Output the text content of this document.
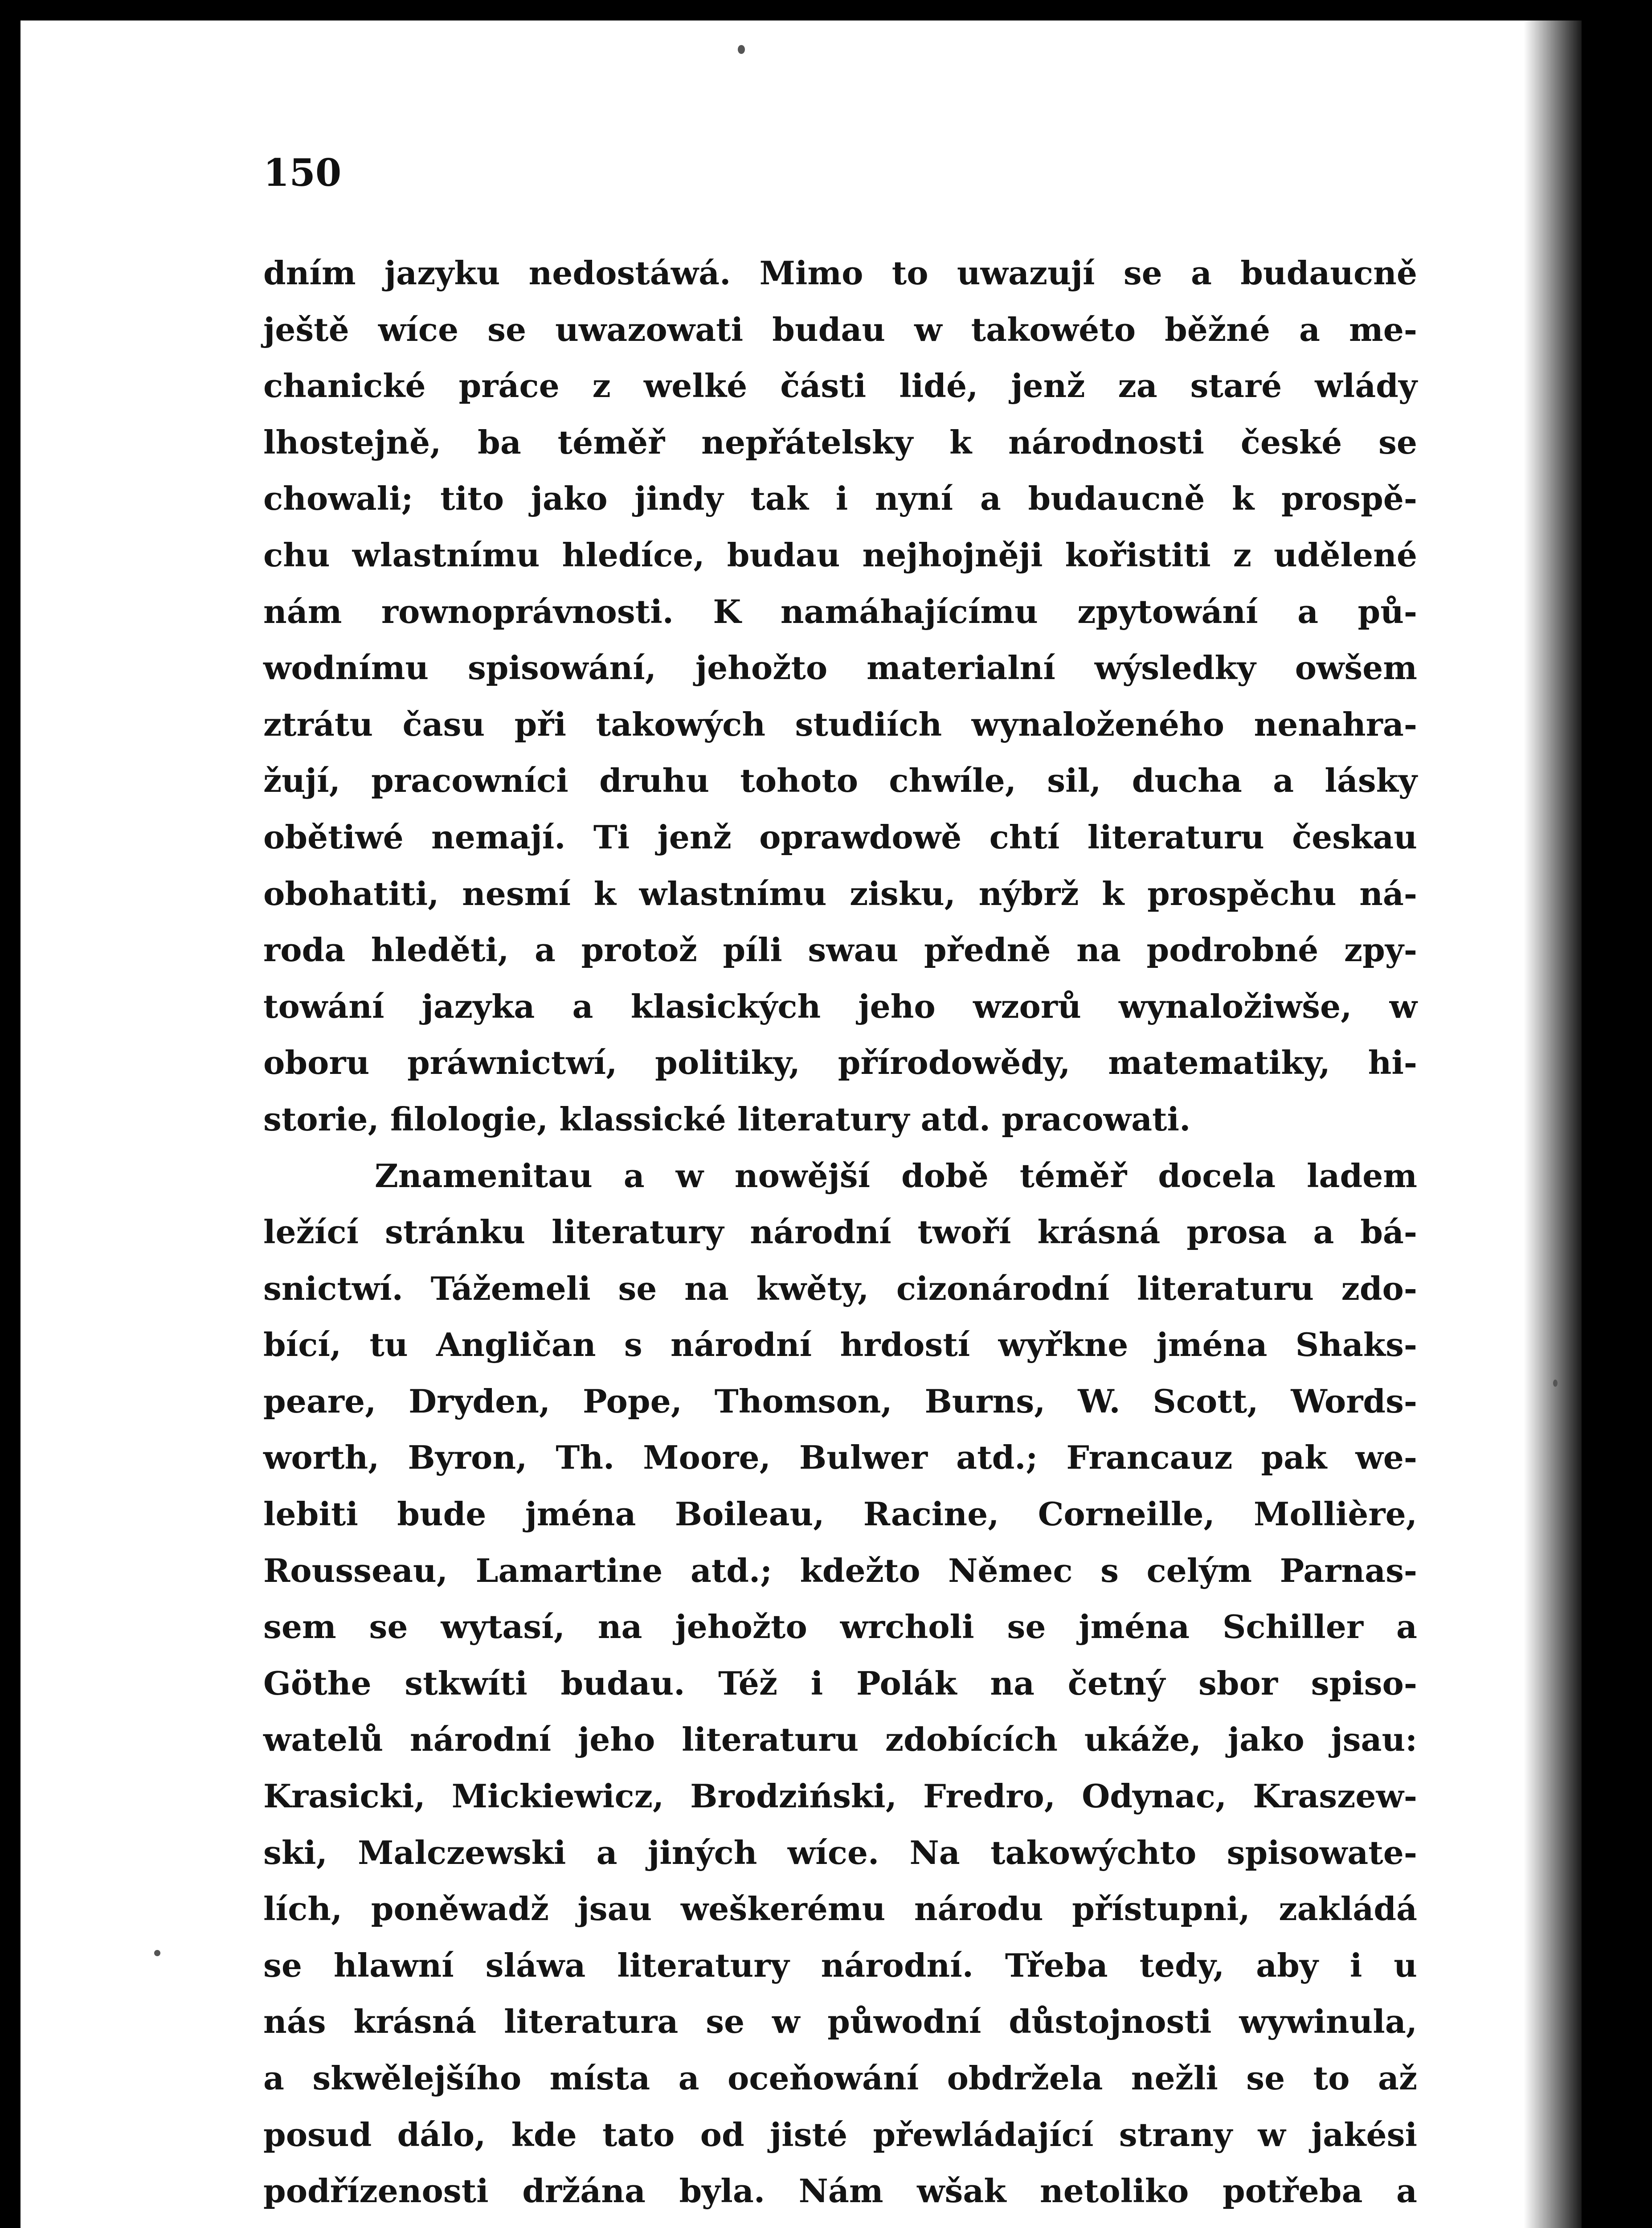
150
dním jazyku nedostáwá. Mimo to uwazují se a budaucně
ještě wíce se uwazowati budau w takowéto běžné a me-
chanické práce z welké části lidé, jenž za staré wlády
lhostejně, ba téměř nepřátelsky k národnosti české se
chowali; tito jako jindy tak i nyní a budaucně k prospě-
chu wlastnímu hledíce, budau nejhojněji kořistiti z udělené
nám rownoprávnosti. K namáhajícímu zpytowání a pů-
wodnímu spisowání, jehožto materialní wýsledky owšem
ztrátu času při takowých studiích wynaloženého nenahra-
žují, pracowníci druhu tohoto chwíle, sil, ducha a lásky
obětiwé nemají. Ti jenž oprawdowě chtí literaturu českau
obohatiti, nesmí k wlastnímu zisku, nýbrž k prospěchu ná-
roda hleděti, a protož píli swau předně na podrobné zpy-
towání jazyka a klasických jeho wzorů wynaložiwše, w
oboru práwnictwí, politiky, přírodowědy, matematiky, hi-
storie, filologie, klassické literatury atd. pracowati.
Znamenitau a w nowější době téměř docela ladem
ležící stránku literatury národní twoří krásná prosa a bá-
snictwí. Tážemeli se na kwěty, cizonárodní literaturu zdo-
bící, tu Angličan s národní hrdostí wyřkne jména Shaks-
peare, Dryden, Pope, Thomson, Burns, W. Scott, Words-
worth, Byron, Th. Moore, Bulwer atd.; Francauz pak we-
lebiti bude jména Boileau, Racine, Corneille, Mollière,
Rousseau, Lamartine atd.; kdežto Němec s celým Parnas-
sem se wytasí, na jehožto wrcholi se jména Schiller a
Göthe stkwíti budau. Též i Polák na četný sbor spiso-
watelů národní jeho literaturu zdobících ukáže, jako jsau:
Krasicki, Mickiewicz, Brodziński, Fredro, Odynac, Kraszew-
ski, Malczewski a jiných wíce. Na takowýchto spisowate-
lích, poněwadž jsau weškerému národu přístupni, zakládá
se hlawní sláwa literatury národní. Třeba tedy, aby i u
nás krásná literatura se w půwodní důstojnosti wywinula,
a skwělejšího místa a oceňowání obdržela nežli se to až
posud dálo, kde tato od jisté přewládající strany w jakési
podřízenosti držána byla. Nám wšak netoliko potřeba a
